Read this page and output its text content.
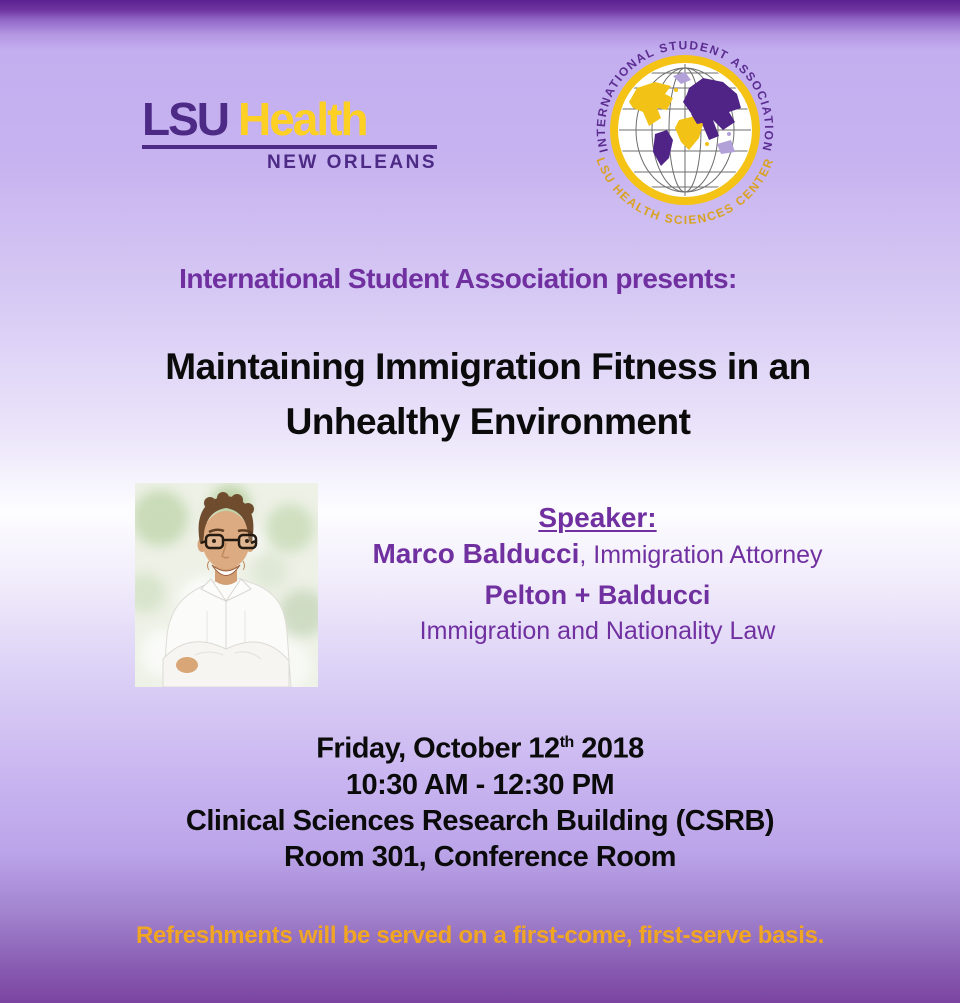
LSU Health
NEW ORLEANS
INTERNATIONAL STUDENT ASSOCIATION
LSU HEALTH SCIENCES CENTER
International Student Association presents:
Maintaining Immigration Fitness in an
Unhealthy Environment
Speaker:
Marco Balducci, Immigration Attorney
Pelton + Balducci
Immigration and Nationality Law
Friday, October 12th 2018
10:30 AM - 12:30 PM
Clinical Sciences Research Building (CSRB)
Room 301, Conference Room
Refreshments will be served on a first-come, first-serve basis.
